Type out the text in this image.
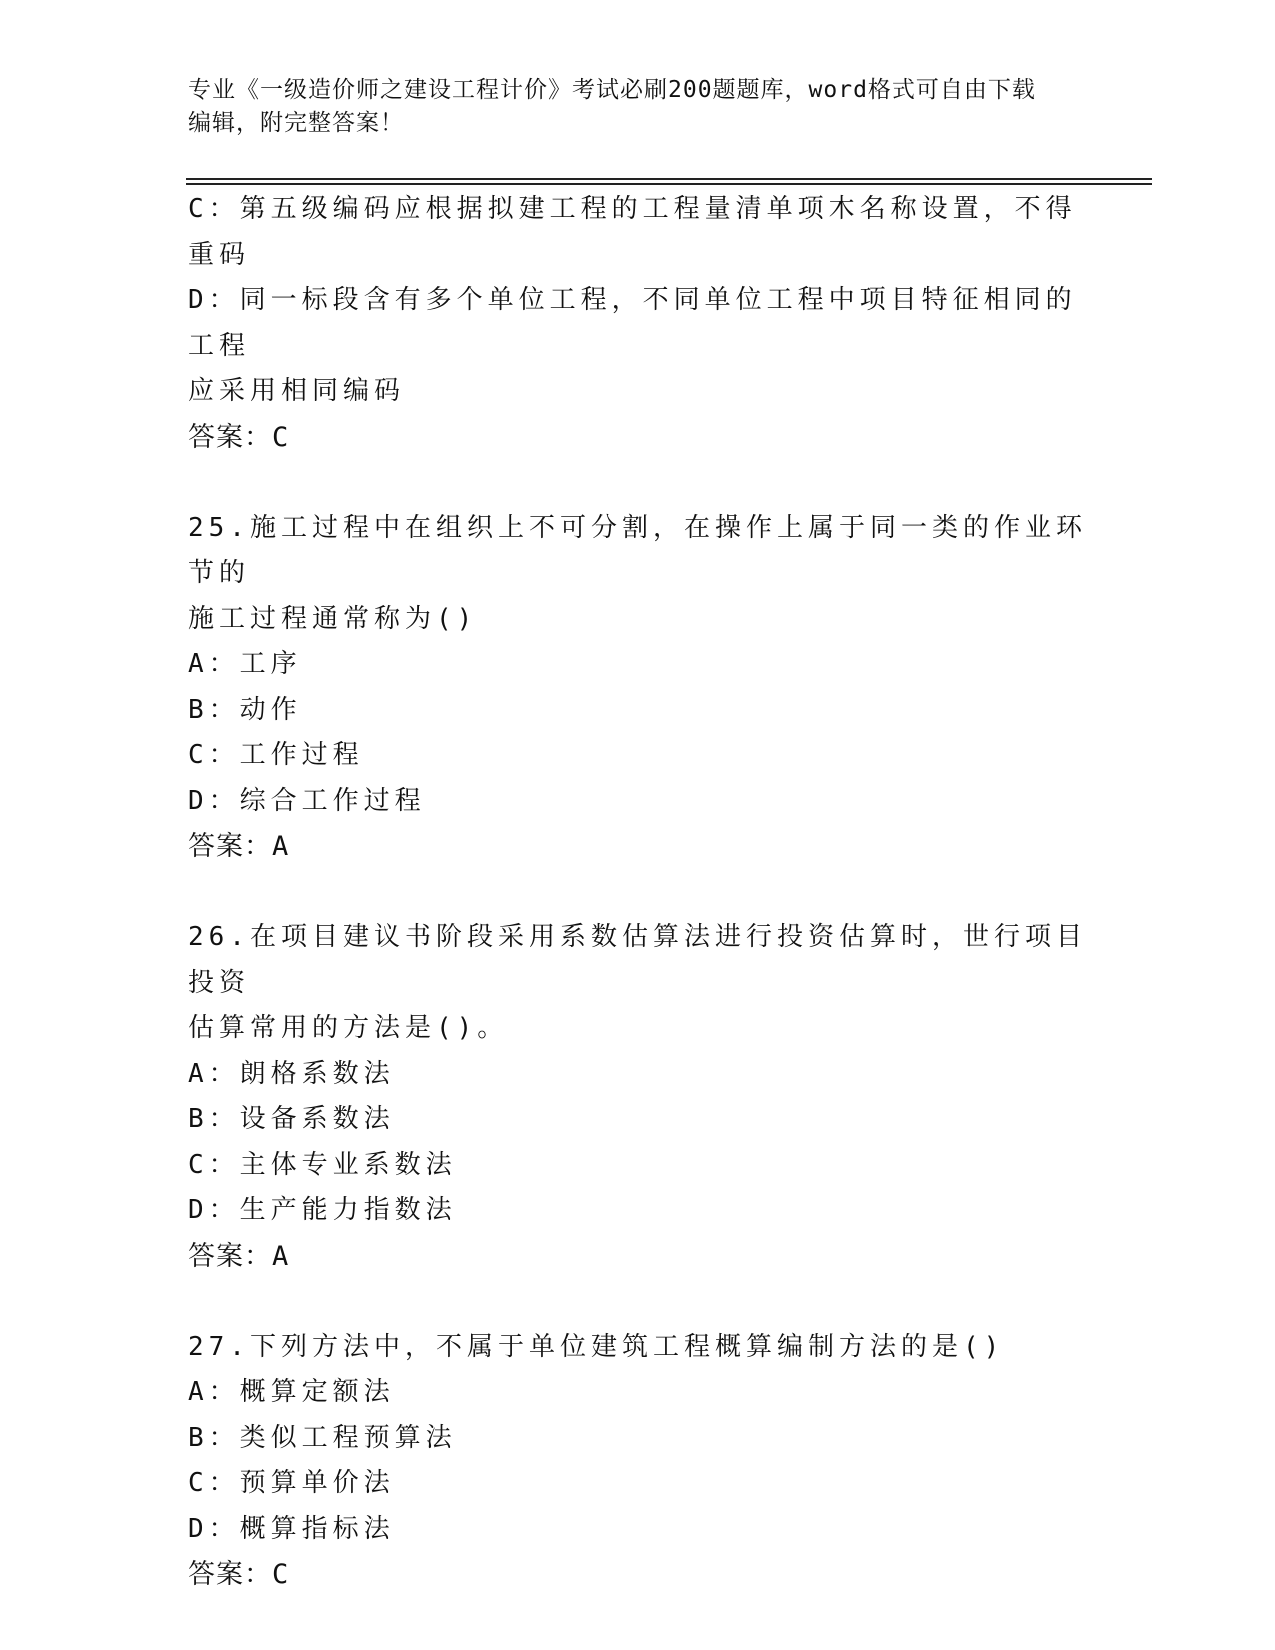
专业《一级造价师之建设工程计价》考试必刷200题题库，word格式可自由下载
编辑，附完整答案！
C：第五级编码应根据拟建工程的工程量清单项木名称设置，不得重码
D：同一标段含有多个单位工程，不同单位工程中项目特征相同的工程
应采用相同编码
答案：C
25.施工过程中在组织上不可分割，在操作上属于同一类的作业环节的
施工过程通常称为()
A：工序
B：动作
C：工作过程
D：综合工作过程
答案：A
26.在项目建议书阶段采用系数估算法进行投资估算时，世行项目投资
估算常用的方法是()。
A：朗格系数法
B：设备系数法
C：主体专业系数法
D：生产能力指数法
答案：A
27.下列方法中，不属于单位建筑工程概算编制方法的是()
A：概算定额法
B：类似工程预算法
C：预算单价法
D：概算指标法
答案：C
